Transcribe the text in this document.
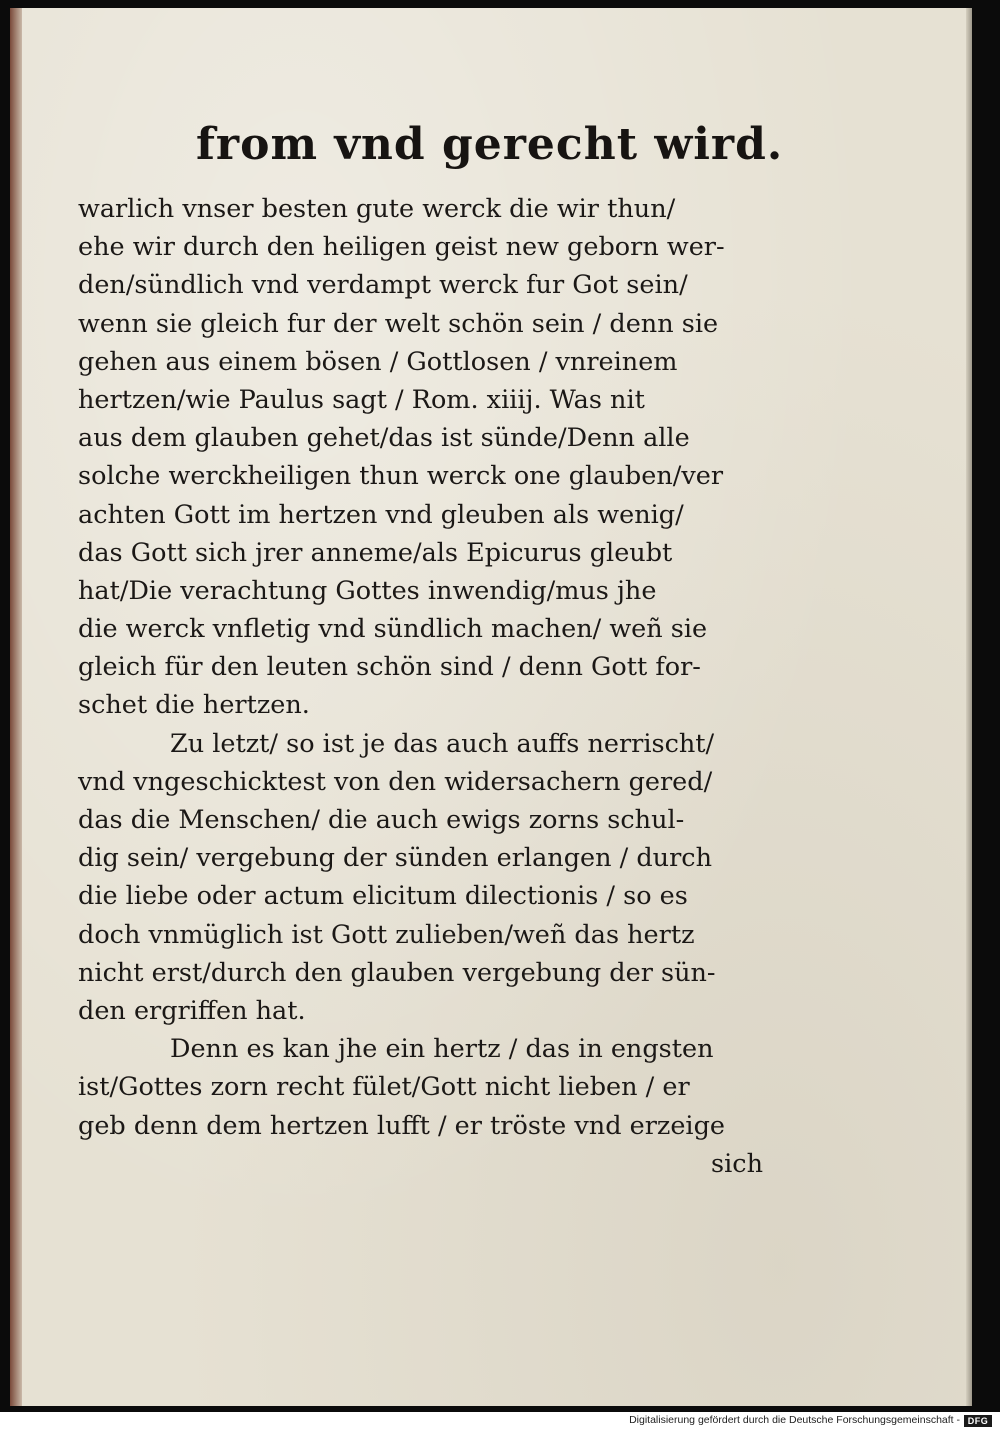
from vnd gerecht wird.
warlich vnser besten gute werck die wir thun/
ehe wir durch den heiligen geist new geborn wer-
den/sündlich vnd verdampt werck fur Got sein/
wenn sie gleich fur der welt schön sein / denn sie
gehen aus einem bösen / Gottlosen / vnreinem
hertzen/wie Paulus sagt / Rom. xiiij. Was nit
aus dem glauben gehet/das ist sünde/Denn alle
solche werckheiligen thun werck one glauben/ver
achten Gott im hertzen vnd gleuben als wenig/
das Gott sich jrer anneme/als Epicurus gleubt
hat/Die verachtung Gottes inwendig/mus jhe
die werck vnfletig vnd sündlich machen/ weñ sie
gleich für den leuten schön sind / denn Gott for-
schet die hertzen.
Zu letzt/ so ist je das auch auffs nerrischt/
vnd vngeschicktest von den widersachern gered/
das die Menschen/ die auch ewigs zorns schul-
dig sein/ vergebung der sünden erlangen / durch
die liebe oder actum elicitum dilectionis / so es
doch vnmüglich ist Gott zulieben/weñ das hertz
nicht erst/durch den glauben vergebung der sün-
den ergriffen hat.
Denn es kan jhe ein hertz / das in engsten
ist/Gottes zorn recht fület/Gott nicht lieben / er
geb denn dem hertzen lufft / er tröste vnd erzeige
sich
Digitalisierung gefördert durch die Deutsche Forschungsgemeinschaft - DFG
